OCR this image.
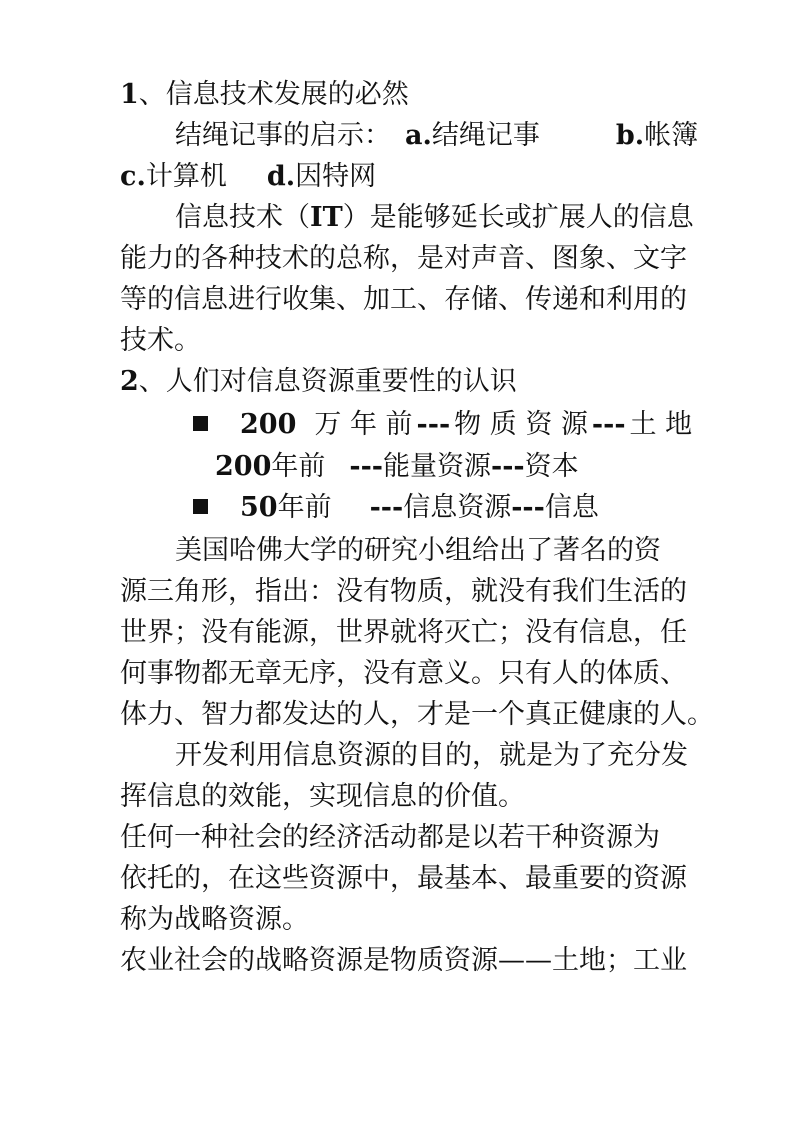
1、信息技术发展的必然
结绳记事的启示： a.结绳记事	b.帐簿
c.计算机 d.因特网
信息技术（IT）是能够延长或扩展人的信息
能力的各种技术的总称，是对声音、图象、文字
等的信息进行收集、加工、存储、传递和利用的
技术。
2、人们对信息资源重要性的认识
200 万 年 前 --- 物 质 资 源 --- 土 地
200年前 ---能量资源---资本
50年前 ---信息资源---信息
美国哈佛大学的研究小组给出了著名的资
源三角形，指出：没有物质，就没有我们生活的
世界；没有能源，世界就将灭亡；没有信息，任
何事物都无章无序，没有意义。只有人的体质、
体力、智力都发达的人，才是一个真正健康的人。
开发利用信息资源的目的，就是为了充分发
挥信息的效能，实现信息的价值。
任何一种社会的经济活动都是以若干种资源为
依托的，在这些资源中，最基本、最重要的资源
称为战略资源。
农业社会的战略资源是物质资源——土地；工业
